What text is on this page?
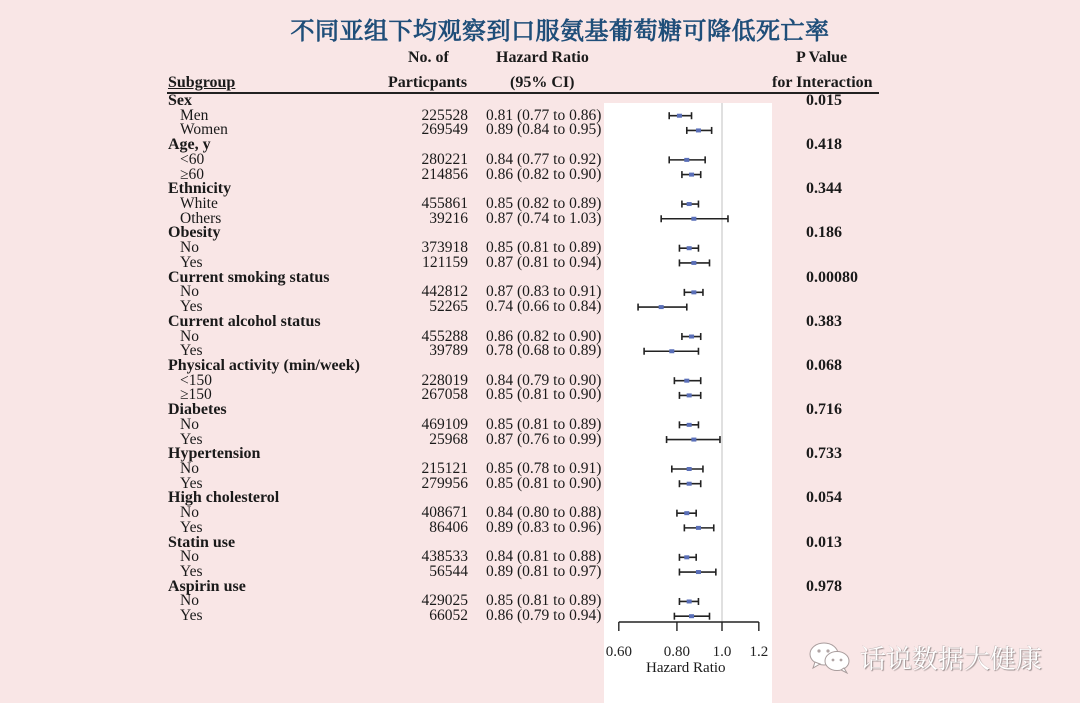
不同亚组下均观察到口服氨基葡萄糖可降低死亡率
Subgroup
No. of
Particpants
Hazard Ratio
(95% CI)
P Value
for Interaction
Sex	0.015
Men	225528 0.81 (0.77 to 0.86)
Women	269549 0.89 (0.84 to 0.95)
Age, y	0.418
<60	280221 0.84 (0.77 to 0.92)
≥60	214856 0.86 (0.82 to 0.90)
Ethnicity	0.344
White	455861 0.85 (0.82 to 0.89)
Others	39216 0.87 (0.74 to 1.03)
Obesity	0.186
No	373918 0.85 (0.81 to 0.89)
Yes	121159 0.87 (0.81 to 0.94)
Current smoking status	0.00080
No	442812 0.87 (0.83 to 0.91)
Yes	52265 0.74 (0.66 to 0.84)
Current alcohol status	0.383
No	455288 0.86 (0.82 to 0.90)
Yes	39789 0.78 (0.68 to 0.89)
Physical activity (min/week)	0.068
<150	228019 0.84 (0.79 to 0.90)
≥150	267058 0.85 (0.81 to 0.90)
Diabetes	0.716
No	469109 0.85 (0.81 to 0.89)
Yes	25968 0.87 (0.76 to 0.99)
Hypertension	0.733
No	215121 0.85 (0.78 to 0.91)
Yes	279956 0.85 (0.81 to 0.90)
High cholesterol	0.054
No	408671 0.84 (0.80 to 0.88)
Yes	86406 0.89 (0.83 to 0.96)
Statin use	0.013
No	438533 0.84 (0.81 to 0.88)
Yes	56544 0.89 (0.81 to 0.97)
Aspirin use	0.978
No	429025 0.85 (0.81 to 0.89)
Yes	66052 0.86 (0.79 to 0.94)
0.60 0.80 1.0 1.2
Hazard Ratio	话说数据大健康
